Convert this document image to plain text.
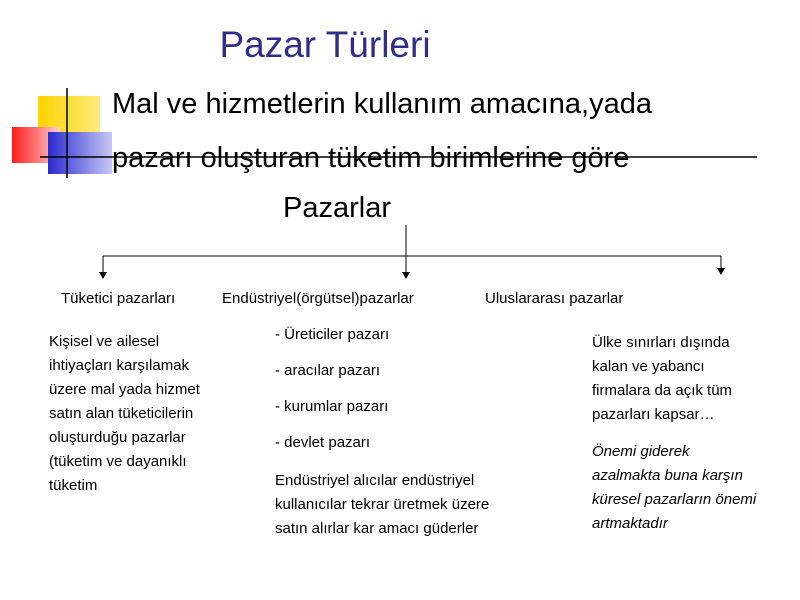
Pazar Türleri
Mal ve hizmetlerin kullanım amacına,yada
pazarı oluşturan tüketim birimlerine göre
Pazarlar
Tüketici pazarları	Endüstriyel(örgütsel)pazarlar	Uluslararası pazarlar
Kişisel ve ailesel
ihtiyaçları karşılamak
üzere mal yada hizmet
satın alan tüketicilerin
oluşturduğu pazarlar
(tüketim ve dayanıklı
tüketim
- Üreticiler pazarı
- aracılar pazarı
- kurumlar pazarı
- devlet pazarı
Endüstriyel alıcılar endüstriyel
kullanıcılar tekrar üretmek üzere
satın alırlar kar amacı güderler
Ülke sınırları dışında
kalan ve yabancı
firmalara da açık tüm
pazarları kapsar…
Önemi giderek
azalmakta buna karşın
küresel pazarların önemi
artmaktadır
